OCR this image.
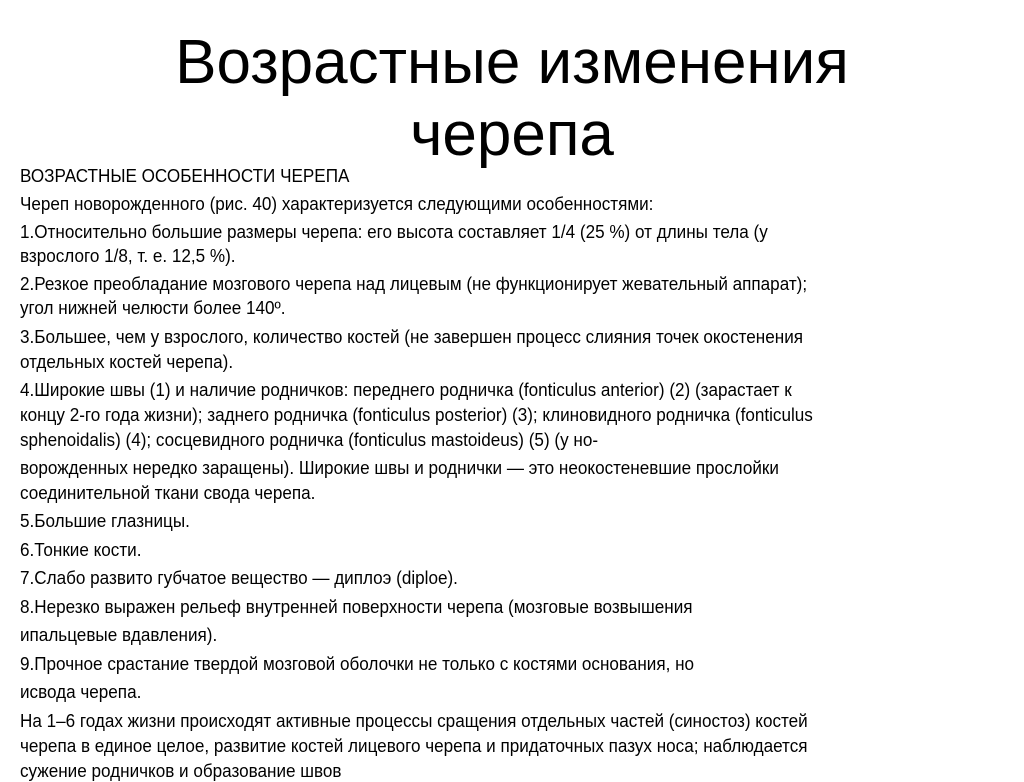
Возрастные изменения
черепа
ВОЗРАСТНЫЕ ОСОБЕННОСТИ ЧЕРЕПА
Череп новорожденного (рис. 40) характеризуется следующими особенностями:
1.Относительно большие размеры черепа: его высота составляет 1/4 (25 %) от длины тела (у
взрослого 1/8, т. е. 12,5 %).
2.Резкое преобладание мозгового черепа над лицевым (не функционирует жевательный аппарат);
угол нижней челюсти более 140º.
3.Большее, чем у взрослого, количество костей (не завершен процесс слияния точек окостенения
отдельных костей черепа).
4.Широкие швы (1) и наличие родничков: переднего родничка (fonticulus anterior) (2) (зарастает к
концу 2-го года жизни); заднего родничка (fonticulus posterior) (3); клиновидного родничка (fonticulus
sphenoidalis) (4); сосцевидного родничка (fonticulus mastoideus) (5) (у но-
ворожденных нередко заращены). Широкие швы и роднички — это неокостеневшие прослойки
соединительной ткани свода черепа.
5.Большие глазницы.
6.Тонкие кости.
7.Слабо развито губчатое вещество — диплоэ (diploe).
8.Нерезко выражен рельеф внутренней поверхности черепа (мозговые возвышения
ипальцевые вдавления).
9.Прочное срастание твердой мозговой оболочки не только с костями основания, но
исвода черепа.
На 1–6 годах жизни происходят активные процессы сращения отдельных частей (синостоз) костей
черепа в единое целое, развитие костей лицевого черепа и придаточных пазух носа; наблюдается
сужение родничков и образование швов
